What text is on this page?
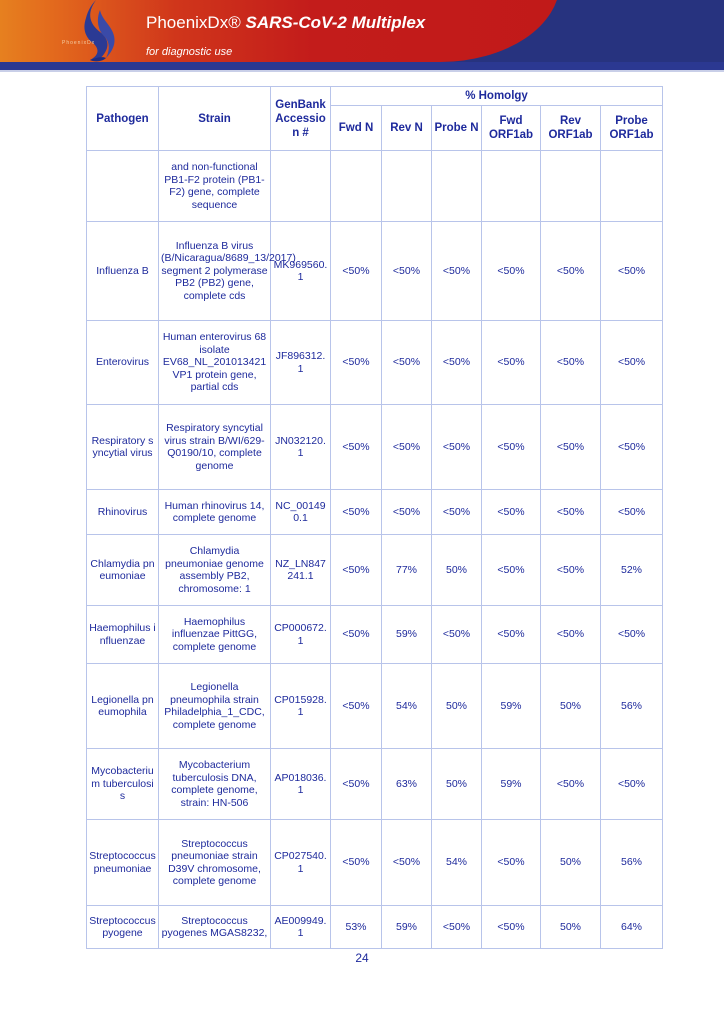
PhoenixDx
PhoenixDx® SARS-CoV-2 Multiplex
for diagnostic use
Pathogen	Strain	GenBank Accession #	% Homolgy					
			Fwd N	Rev N	Probe N	Fwd ORF1ab	Rev ORF1ab	Probe ORF1ab
	and non-functional PB1-F2 protein (PB1-F2) gene, complete sequence							
Influenza B	Influenza B virus (B/Nicaragua/8689_13/2017) segment 2 polymerase PB2 (PB2) gene, complete cds	MK969560.1	<50%	<50%	<50%	<50%	<50%	<50%
Enterovirus	Human enterovirus 68 isolate EV68_NL_201013421 VP1 protein gene, partial cds	JF896312.1	<50%	<50%	<50%	<50%	<50%	<50%
Respiratory syncytial virus	Respiratory syncytial virus strain B/WI/629-Q0190/10, complete genome	JN032120.1	<50%	<50%	<50%	<50%	<50%	<50%
Rhinovirus	Human rhinovirus 14, complete genome	NC_001490.1	<50%	<50%	<50%	<50%	<50%	<50%
Chlamydia pneumoniae	Chlamydia pneumoniae genome assembly PB2, chromosome: 1	NZ_LN847241.1	<50%	77%	50%	<50%	<50%	52%
Haemophilus influenzae	Haemophilus influenzae PittGG, complete genome	CP000672.1	<50%	59%	<50%	<50%	<50%	<50%
Legionella pneumophila	Legionella pneumophila strain Philadelphia_1_CDC, complete genome	CP015928.1	<50%	54%	50%	59%	50%	56%
Mycobacterium tuberculosis	Mycobacterium tuberculosis DNA, complete genome, strain: HN-506	AP018036.1	<50%	63%	50%	59%	<50%	<50%
Streptococcus pneumoniae	Streptococcus pneumoniae strain D39V chromosome, complete genome	CP027540.1	<50%	<50%	54%	<50%	50%	56%
Streptococcus pyogene	Streptococcus pyogenes MGAS8232,	AE009949.1	53%	59%	<50%	<50%	50%	64%
24
